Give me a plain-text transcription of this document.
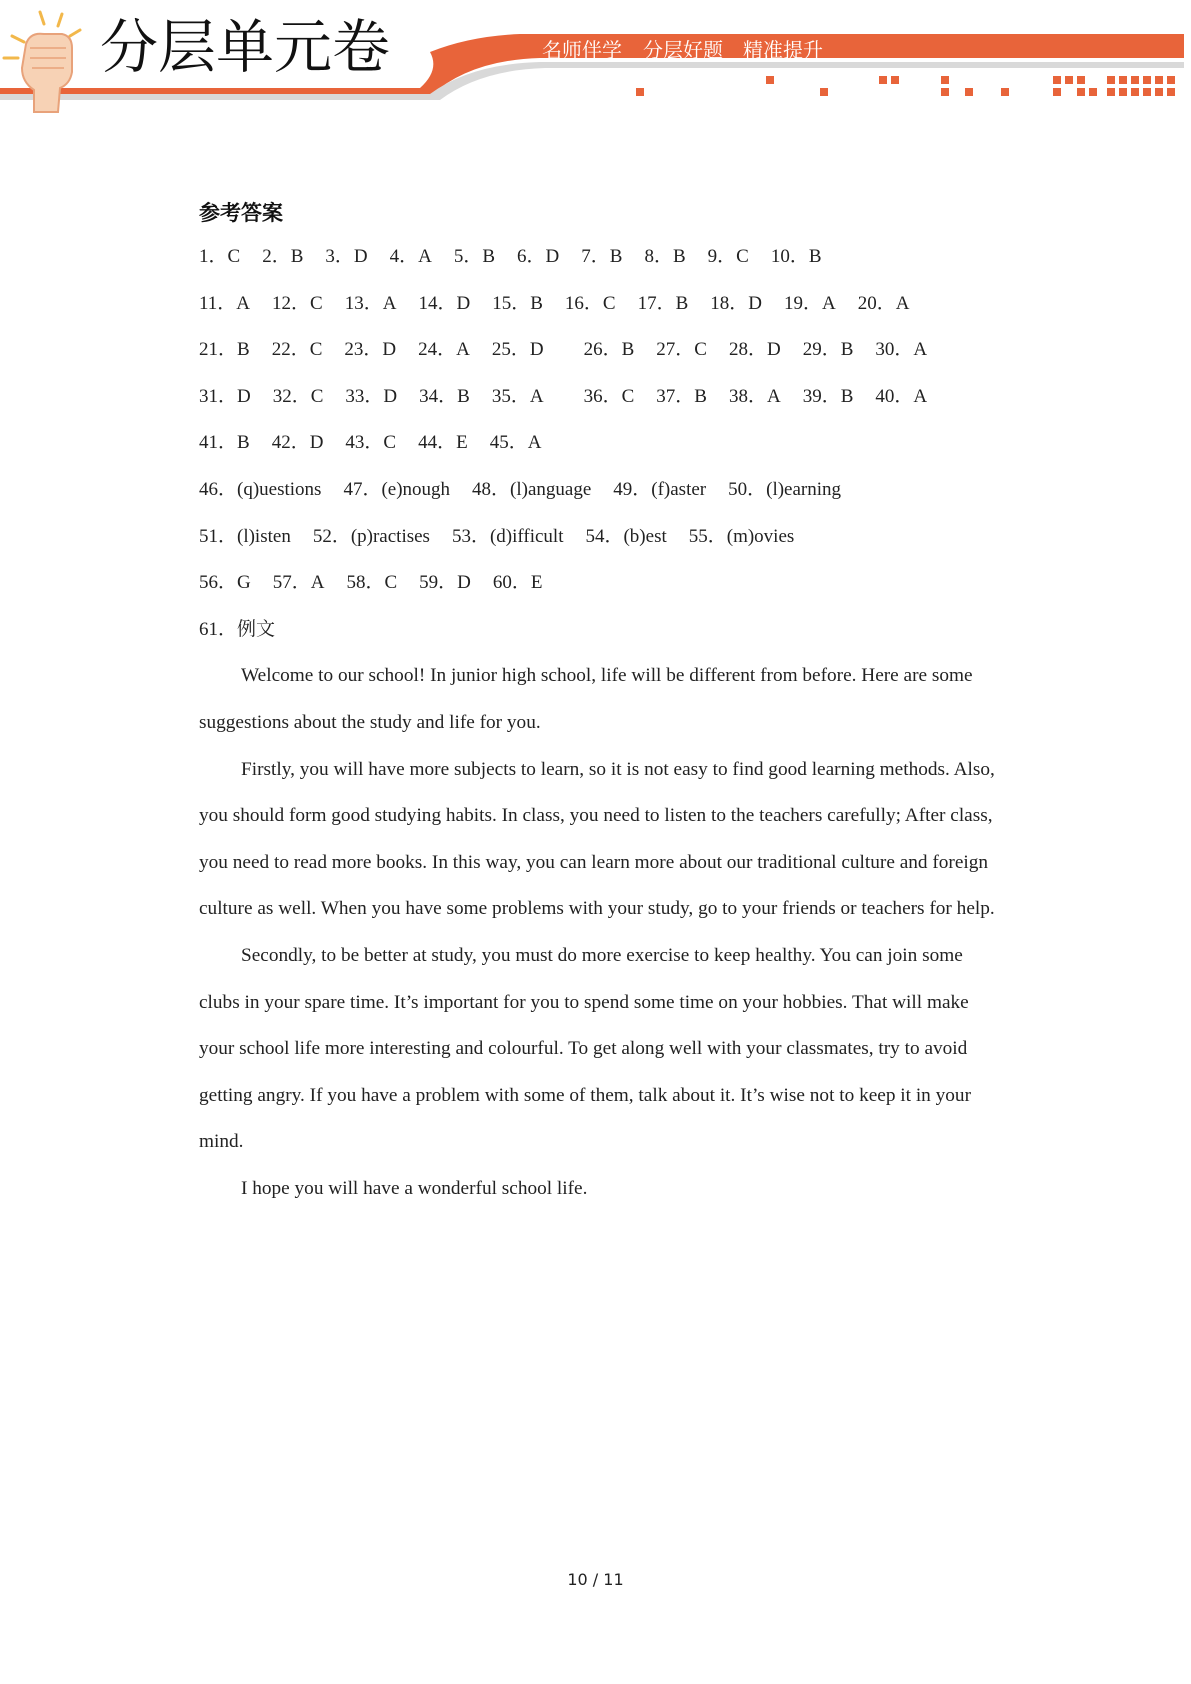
分层单元卷	名师伴学 分层好题 精准提升
参考答案
1．C 2．B 3．D 4．A 5．B 6．D 7．B 8．B 9．C 10．B
11．A 12．C 13．A 14．D 15．B 16．C 17．B 18．D 19．A 20．A
21．B 22．C 23．D 24．A 25．D 26．B 27．C 28．D 29．B 30．A
31．D 32．C 33．D 34．B 35．A 36．C 37．B 38．A 39．B 40．A
41．B 42．D 43．C 44．E 45．A
46．(q)uestions 47．(e)nough 48．(l)anguage 49．(f)aster 50．(l)earning
51．(l)isten 52．(p)ractises 53．(d)ifficult 54．(b)est 55．(m)ovies
56．G 57．A 58．C 59．D 60．E
61．例文

Welcome to our school! In junior high school, life will be different from before. Here are some suggestions about the study and life for you.

Firstly, you will have more subjects to learn, so it is not easy to find good learning methods. Also, you should form good studying habits. In class, you need to listen to the teachers carefully; After class, you need to read more books. In this way, you can learn more about our traditional culture and foreign culture as well. When you have some problems with your study, go to your friends or teachers for help.

Secondly, to be better at study, you must do more exercise to keep healthy. You can join some clubs in your spare time. It’s important for you to spend some time on your hobbies. That will make your school life more interesting and colourful. To get along well with your classmates, try to avoid getting angry. If you have a problem with some of them, talk about it. It’s wise not to keep it in your mind.

I hope you will have a wonderful school life.

10 / 11
